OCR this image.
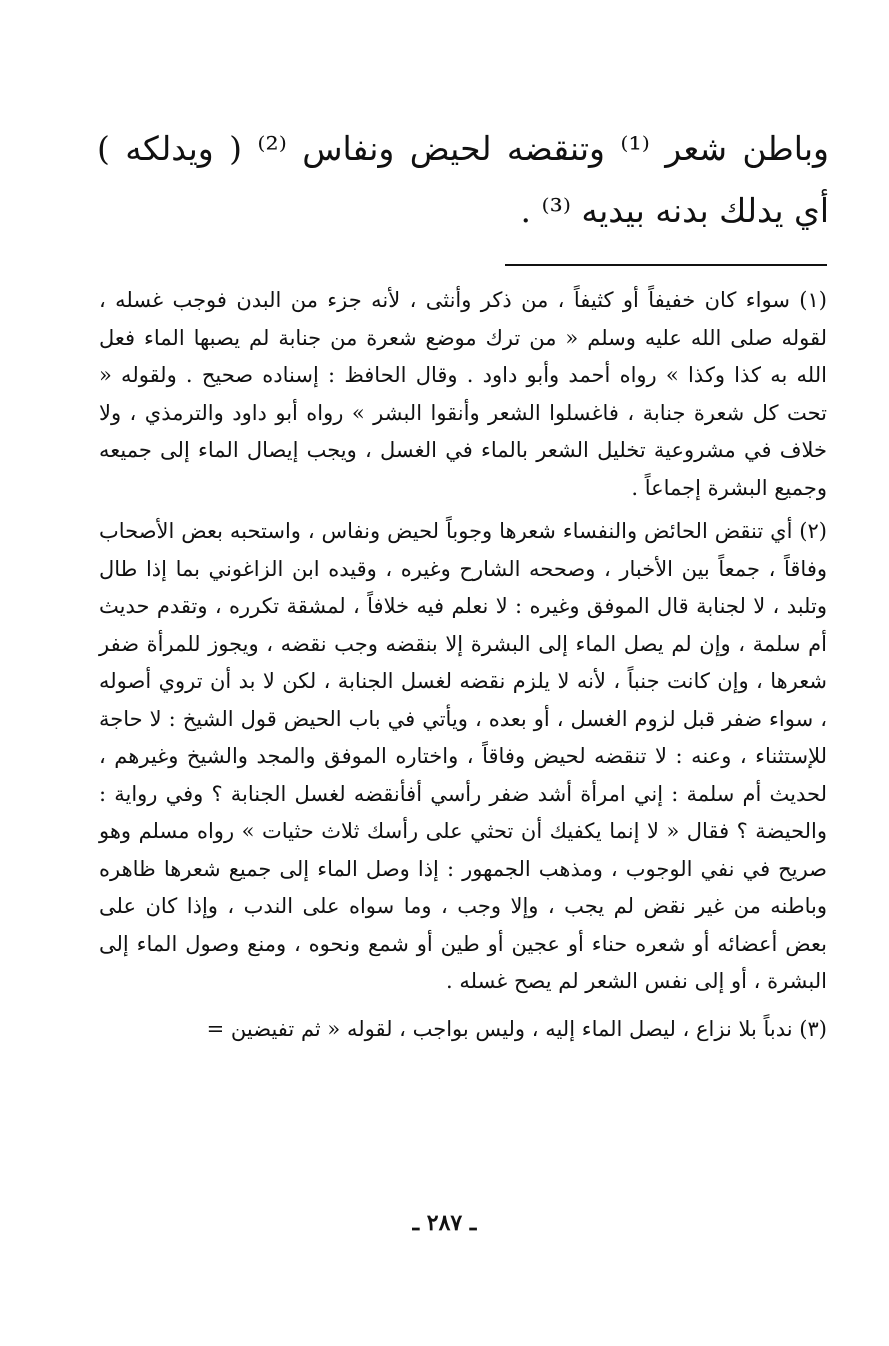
وباطن شعر ⁽¹⁾ وتنقضه لحيض ونفاس ⁽²⁾ ( ويدلكه ) أي يدلك بدنه بيديه ⁽³⁾ .

(١) سواء كان خفيفاً أو كثيفاً ، من ذكر وأنثى ، لأنه جزء من البدن فوجب غسله ، لقوله صلى الله عليه وسلم « من ترك موضع شعرة من جنابة لم يصبها الماء فعل الله به كذا وكذا » رواه أحمد وأبو داود . وقال الحافظ : إسناده صحيح . ولقوله « تحت كل شعرة جنابة ، فاغسلوا الشعر وأنقوا البشر » رواه أبو داود والترمذي ، ولا خلاف في مشروعية تخليل الشعر بالماء في الغسل ، ويجب إيصال الماء إلى جميعه وجميع البشرة إجماعاً .

(٢) أي تنقض الحائض والنفساء شعرها وجوباً لحيض ونفاس ، واستحبه بعض الأصحاب وفاقاً ، جمعاً بين الأخبار ، وصححه الشارح وغيره ، وقيده ابن الزاغوني بما إذا طال وتلبد ، لا لجنابة قال الموفق وغيره : لا نعلم فيه خلافاً ، لمشقة تكرره ، وتقدم حديث أم سلمة ، وإن لم يصل الماء إلى البشرة إلا بنقضه وجب نقضه ، ويجوز للمرأة ضفر شعرها ، وإن كانت جنباً ، لأنه لا يلزم نقضه لغسل الجنابة ، لكن لا بد أن تروي أصوله ، سواء ضفر قبل لزوم الغسل ، أو بعده ، ويأتي في باب الحيض قول الشيخ : لا حاجة للإستثناء ، وعنه : لا تنقضه لحيض وفاقاً ، واختاره الموفق والمجد والشيخ وغيرهم ، لحديث أم سلمة : إني امرأة أشد ضفر رأسي أفأنقضه لغسل الجنابة ؟ وفي رواية : والحيضة ؟ فقال « لا إنما يكفيك أن تحثي على رأسك ثلاث حثيات » رواه مسلم وهو صريح في نفي الوجوب ، ومذهب الجمهور : إذا وصل الماء إلى جميع شعرها ظاهره وباطنه من غير نقض لم يجب ، وإلا وجب ، وما سواه على الندب ، وإذا كان على بعض أعضائه أو شعره حناء أو عجين أو طين أو شمع ونحوه ، ومنع وصول الماء إلى البشرة ، أو إلى نفس الشعر لم يصح غسله .

(٣) ندباً بلا نزاع ، ليصل الماء إليه ، وليس بواجب ، لقوله « ثم تفيضين =

ـ ٢٨٧ ـ
